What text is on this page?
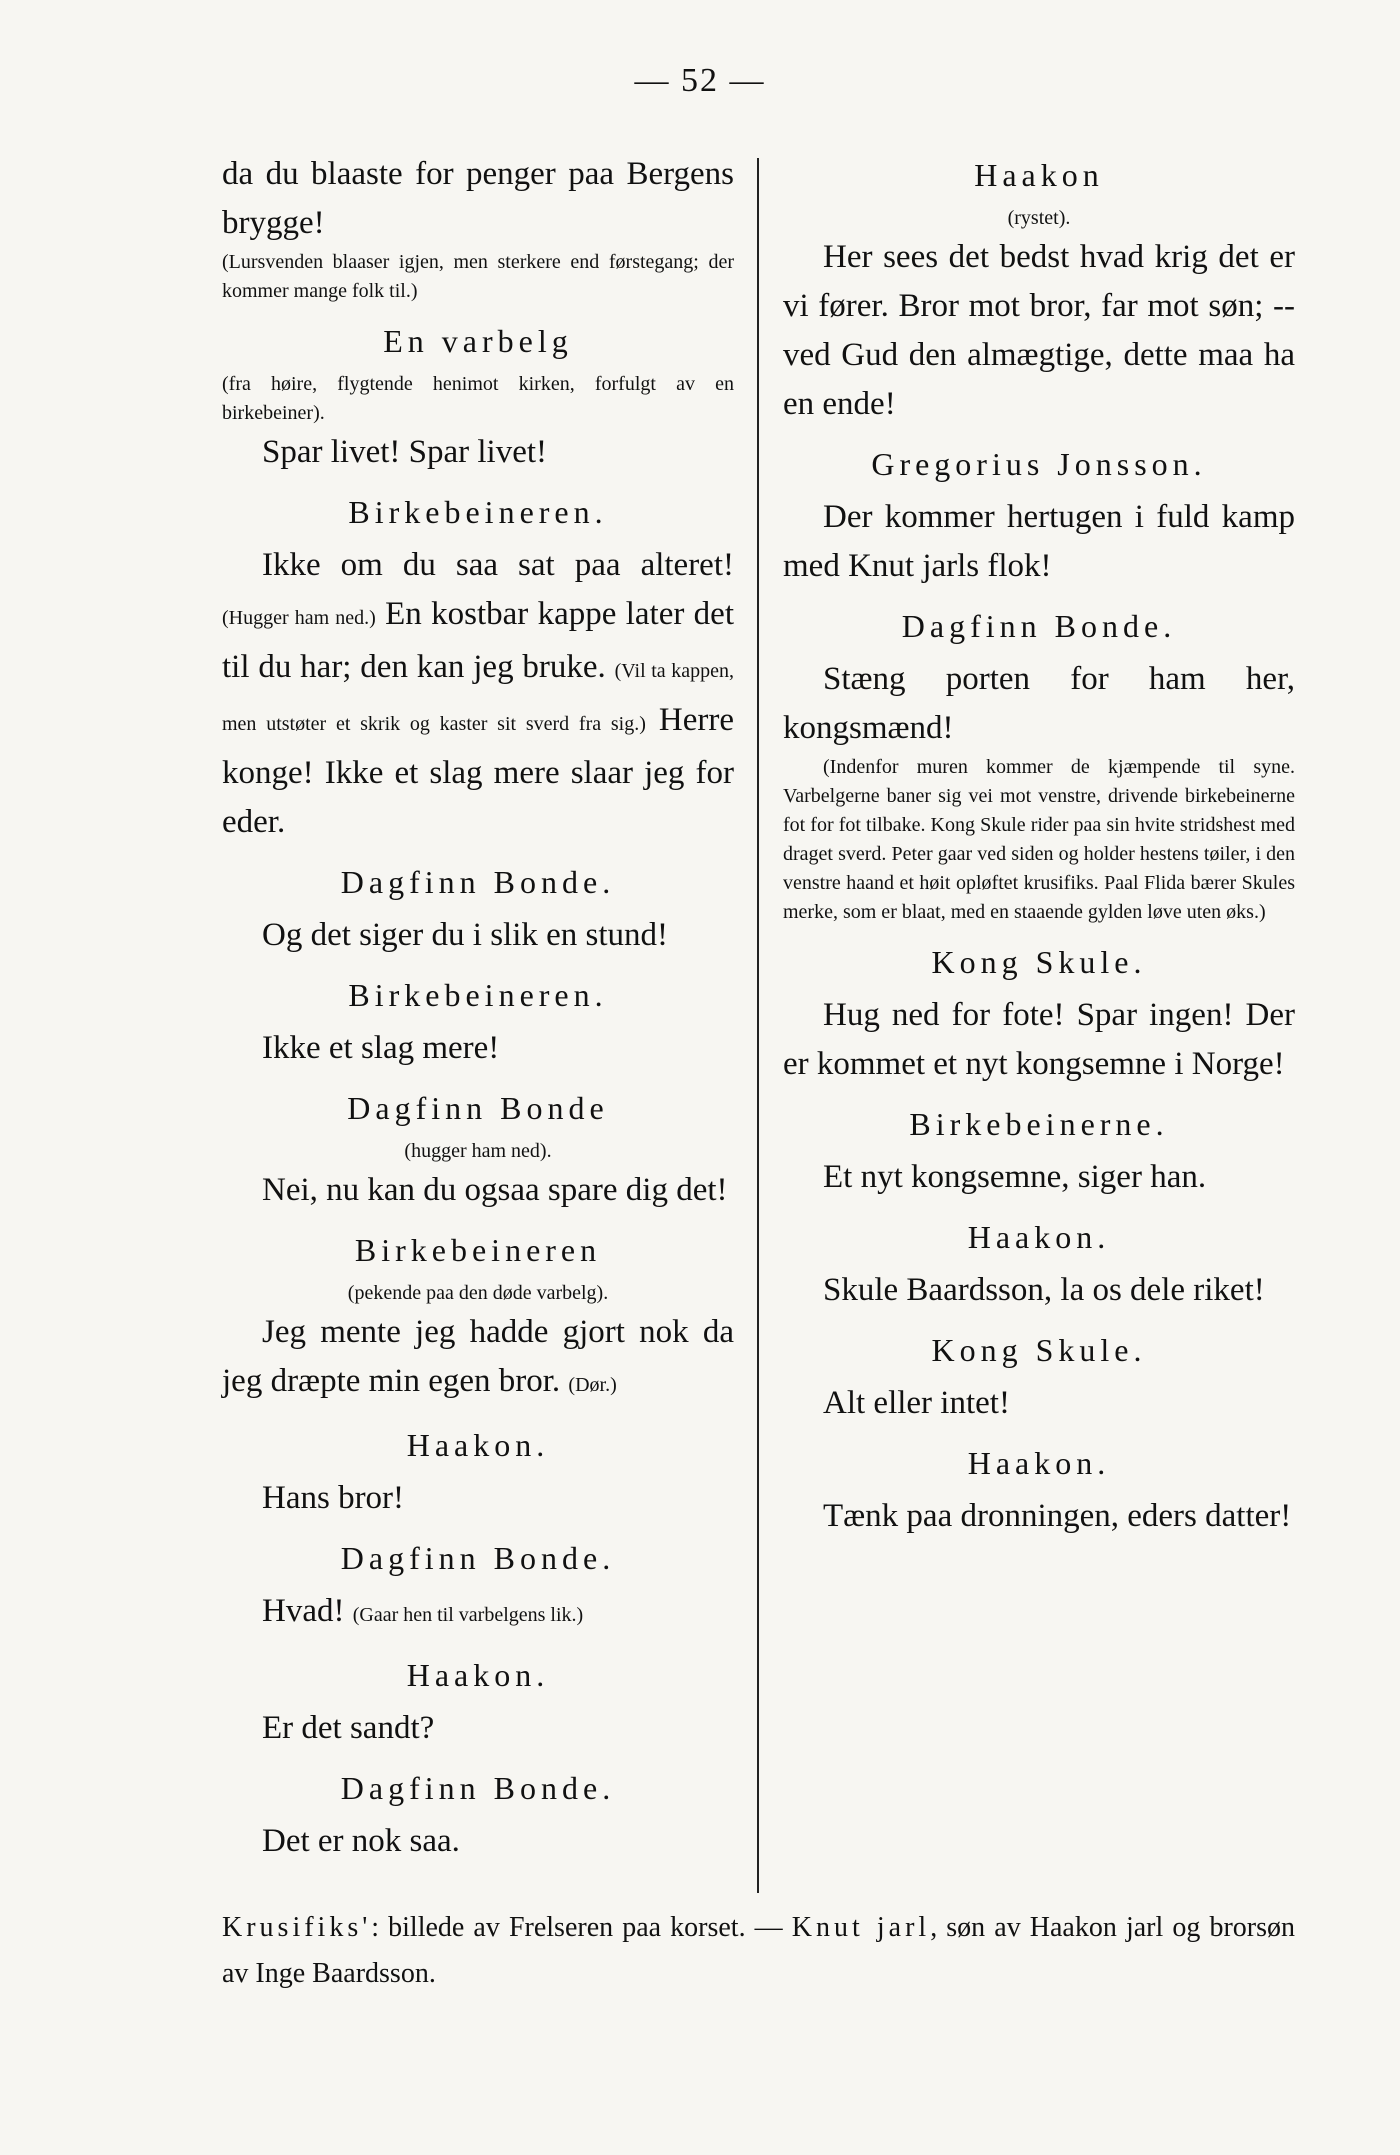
— 52 —

da du blaaste for penger paa Bergens brygge!

(Lursvenden blaaser igjen, men sterkere end førstegang; der kommer mange folk til.)

En varbelg

(fra høire, flygtende henimot kirken, forfulgt av en birkebeiner).

Spar livet! Spar livet!

Birkebeineren.

Ikke om du saa sat paa alteret! (Hugger ham ned.) En kostbar kappe later det til du har; den kan jeg bruke. (Vil ta kappen, men utstøter et skrik og kaster sit sverd fra sig.) Herre konge! Ikke et slag mere slaar jeg for eder.

Dagfinn Bonde.

Og det siger du i slik en stund!

Birkebeineren.

Ikke et slag mere!

Dagfinn Bonde

(hugger ham ned).

Nei, nu kan du ogsaa spare dig det!

Birkebeineren

(pekende paa den døde varbelg).

Jeg mente jeg hadde gjort nok da jeg dræpte min egen bror. (Dør.)

Haakon.

Hans bror!

Dagfinn Bonde.

Hvad! (Gaar hen til varbelgens lik.)

Haakon.

Er det sandt?

Dagfinn Bonde.

Det er nok saa.

Haakon

(rystet).

Her sees det bedst hvad krig det er vi fører. Bror mot bror, far mot søn; -- ved Gud den almægtige, dette maa ha en ende!

Gregorius Jonsson.

Der kommer hertugen i fuld kamp med Knut jarls flok!

Dagfinn Bonde.

Stæng porten for ham her, kongsmænd!

(Indenfor muren kommer de kjæmpende til syne. Varbelgerne baner sig vei mot venstre, drivende birkebeinerne fot for fot tilbake. Kong Skule rider paa sin hvite stridshest med draget sverd. Peter gaar ved siden og holder hestens tøiler, i den venstre haand et høit opløftet krusifiks. Paal Flida bærer Skules merke, som er blaat, med en staaende gylden løve uten øks.)

Kong Skule.

Hug ned for fote! Spar ingen! Der er kommet et nyt kongsemne i Norge!

Birkebeinerne.

Et nyt kongsemne, siger han.

Haakon.

Skule Baardsson, la os dele riket!

Kong Skule.

Alt eller intet!

Haakon.

Tænk paa dronningen, eders datter!

Krusifiks': billede av Frelseren paa korset. — Knut jarl, søn av Haakon jarl og brorsøn av Inge Baardsson.
